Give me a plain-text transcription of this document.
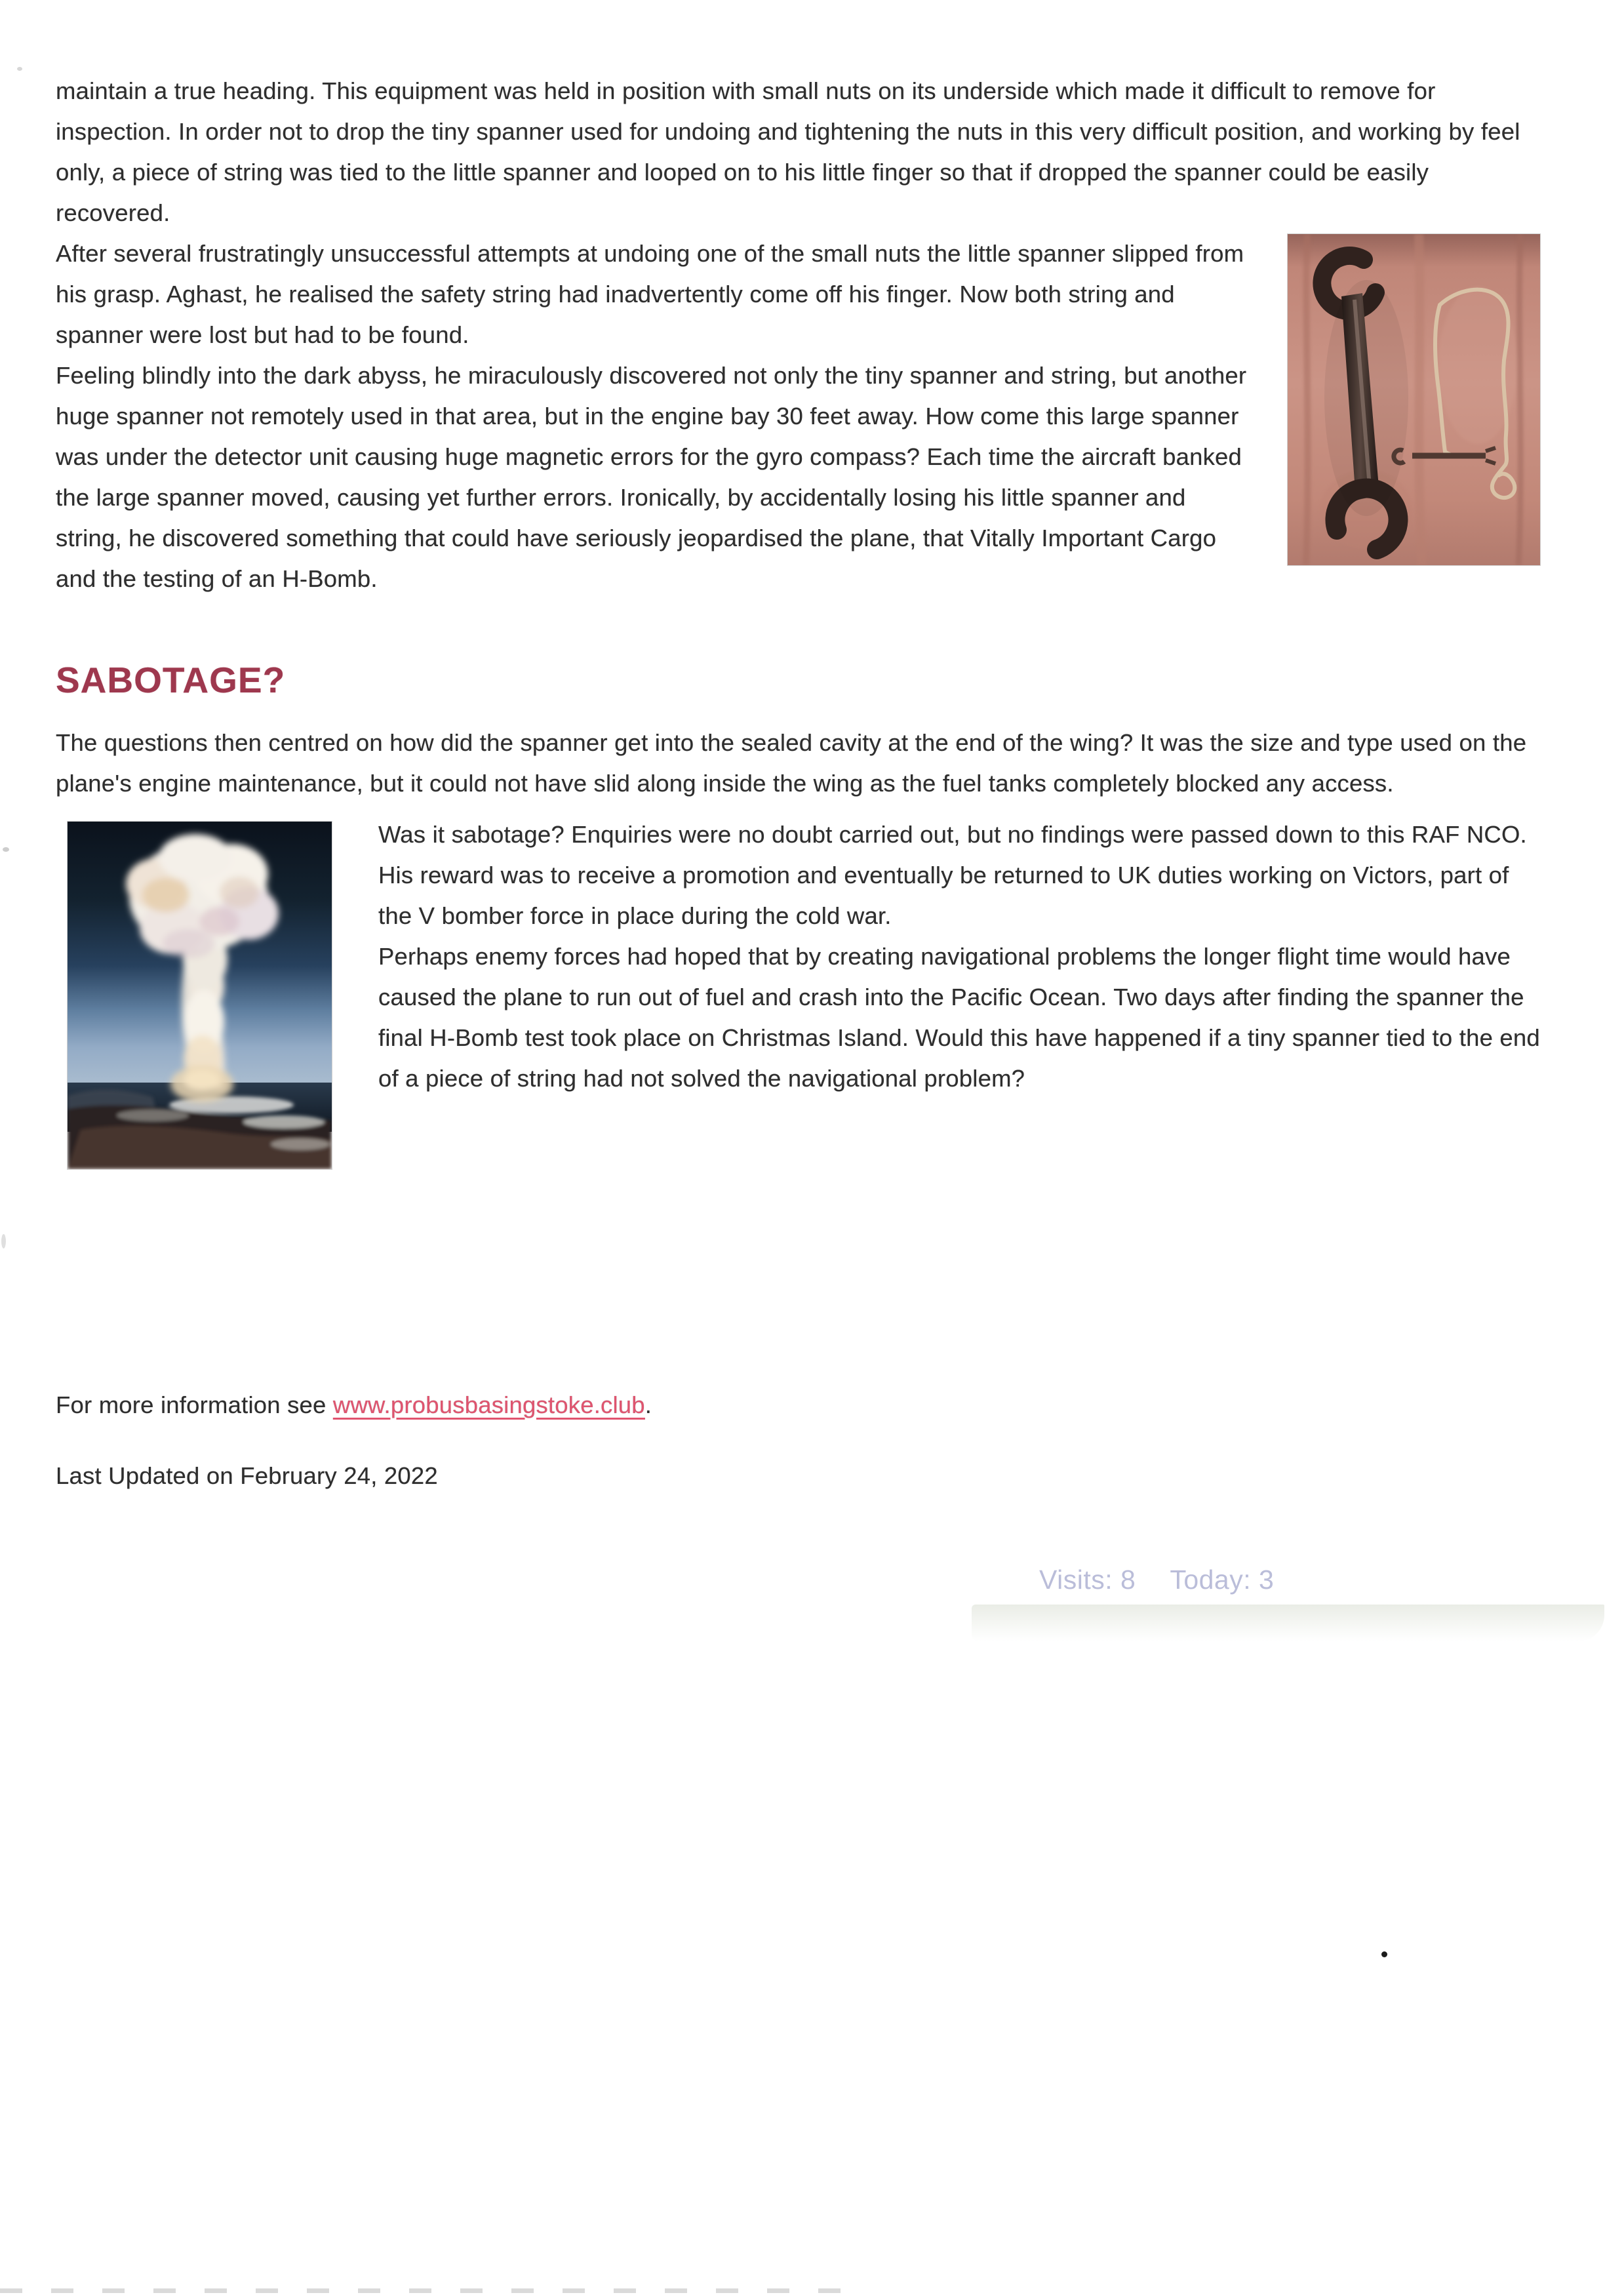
maintain a true heading. This equipment was held in position with small nuts on its underside which made it difficult to remove for inspection. In order not to drop the tiny spanner used for undoing and tightening the nuts in this very difficult position, and working by feel only, a piece of string was tied to the little spanner and looped on to his little finger so that if dropped the spanner could be easily recovered.

After several frustratingly unsuccessful attempts at undoing one of the small nuts the little spanner slipped from his grasp. Aghast, he realised the safety string had inadvertently come off his finger. Now both string and spanner were lost but had to be found.

Feeling blindly into the dark abyss, he miraculously discovered not only the tiny spanner and string, but another huge spanner not remotely used in that area, but in the engine bay 30 feet away. How come this large spanner was under the detector unit causing huge magnetic errors for the gyro compass? Each time the aircraft banked the large spanner moved, causing yet further errors. Ironically, by accidentally losing his little spanner and string, he discovered something that could have seriously jeopardised the plane, that Vitally Important Cargo and the testing of an H-Bomb.

SABOTAGE?

The questions then centred on how did the spanner get into the sealed cavity at the end of the wing? It was the size and type used on the plane's engine maintenance, but it could not have slid along inside the wing as the fuel tanks completely blocked any access.

Was it sabotage? Enquiries were no doubt carried out, but no findings were passed down to this RAF NCO. His reward was to receive a promotion and eventually be returned to UK duties working on Victors, part of the V bomber force in place during the cold war.

Perhaps enemy forces had hoped that by creating navigational problems the longer flight time would have caused the plane to run out of fuel and crash into the Pacific Ocean. Two days after finding the spanner the final H-Bomb test took place on Christmas Island. Would this have happened if a tiny spanner tied to the end of a piece of string had not solved the navigational problem?

For more information see www.probusbasingstoke.club.

Last Updated on February 24, 2022

Visits: 8 Today: 3
